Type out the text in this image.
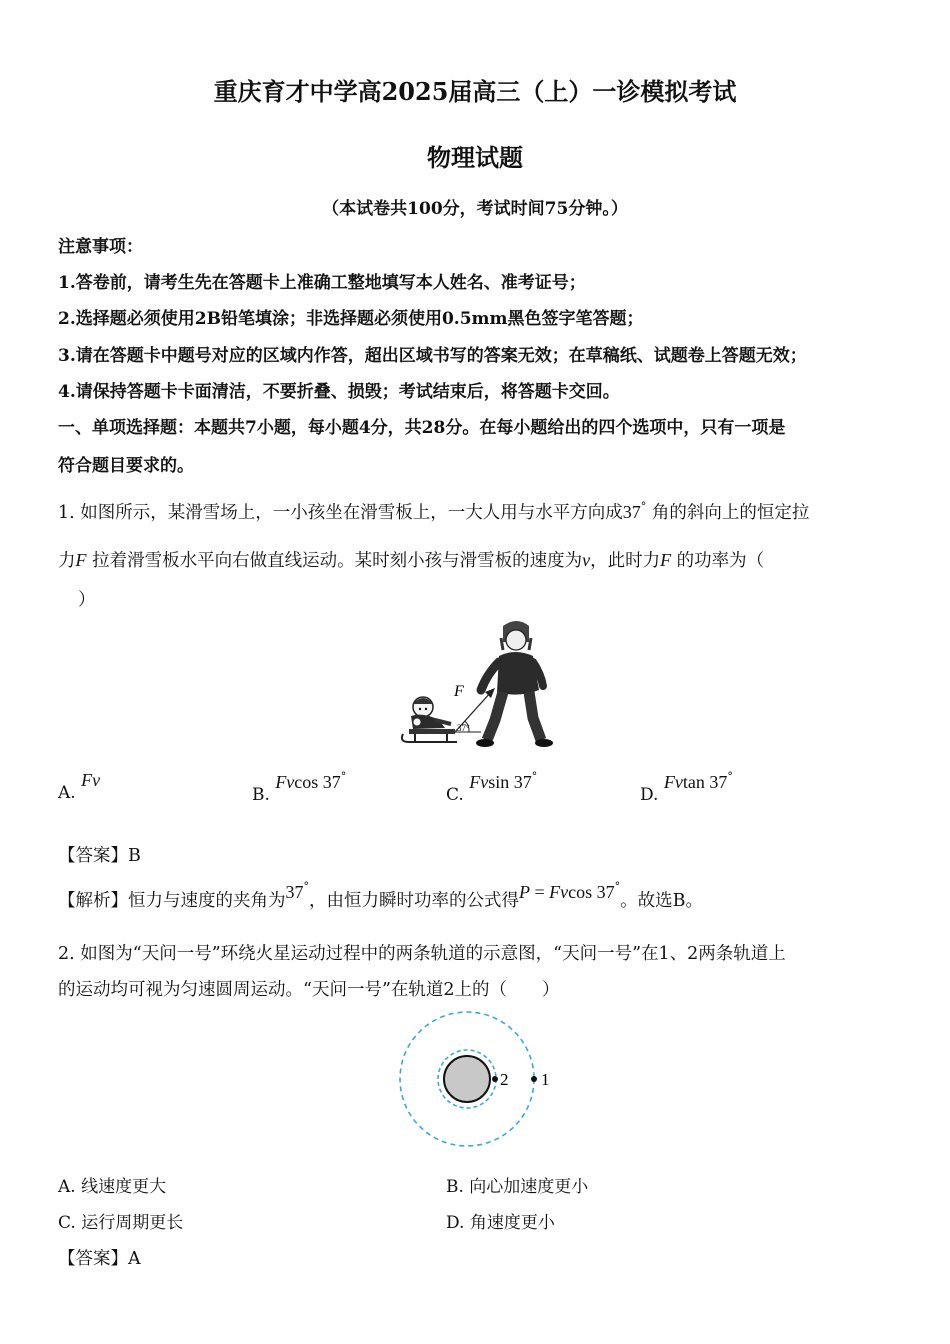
重庆育才中学高2025届高三（上）一诊模拟考试
物理试题
（本试卷共100分，考试时间75分钟。）
注意事项：
1.答卷前，请考生先在答题卡上准确工整地填写本人姓名、准考证号；
2.选择题必须使用2B铅笔填涂；非选择题必须使用0.5mm黑色签字笔答题；
3.请在答题卡中题号对应的区域内作答，超出区域书写的答案无效；在草稿纸、试题卷上答题无效；
4.请保持答题卡卡面清洁，不要折叠、损毁；考试结束后，将答题卡交回。
一、单项选择题：本题共7小题，每小题4分，共28分。在每小题给出的四个选项中，只有一项是
符合题目要求的。
1. 如图所示，某滑雪场上，一小孩坐在滑雪板上，一大人用与水平方向成37° 角的斜向上的恒定拉
力F 拉着滑雪板水平向右做直线运动。某时刻小孩与滑雪板的速度为v，此时力F 的功率为（
）
F
37°
A. Fv
B. Fvcos 37°
C. Fvsin 37°
D. Fvtan 37°
【答案】B
【解析】恒力与速度的夹角为37°，由恒力瞬时功率的公式得P = Fvcos 37°。故选B。
2. 如图为“天问一号”环绕火星运动过程中的两条轨道的示意图，“天问一号”在1、2两条轨道上
的运动均可视为匀速圆周运动。“天问一号”在轨道2上的（　　）
2 1
A. 线速度更大	B. 向心加速度更小
C. 运行周期更长	D. 角速度更小
【答案】A
